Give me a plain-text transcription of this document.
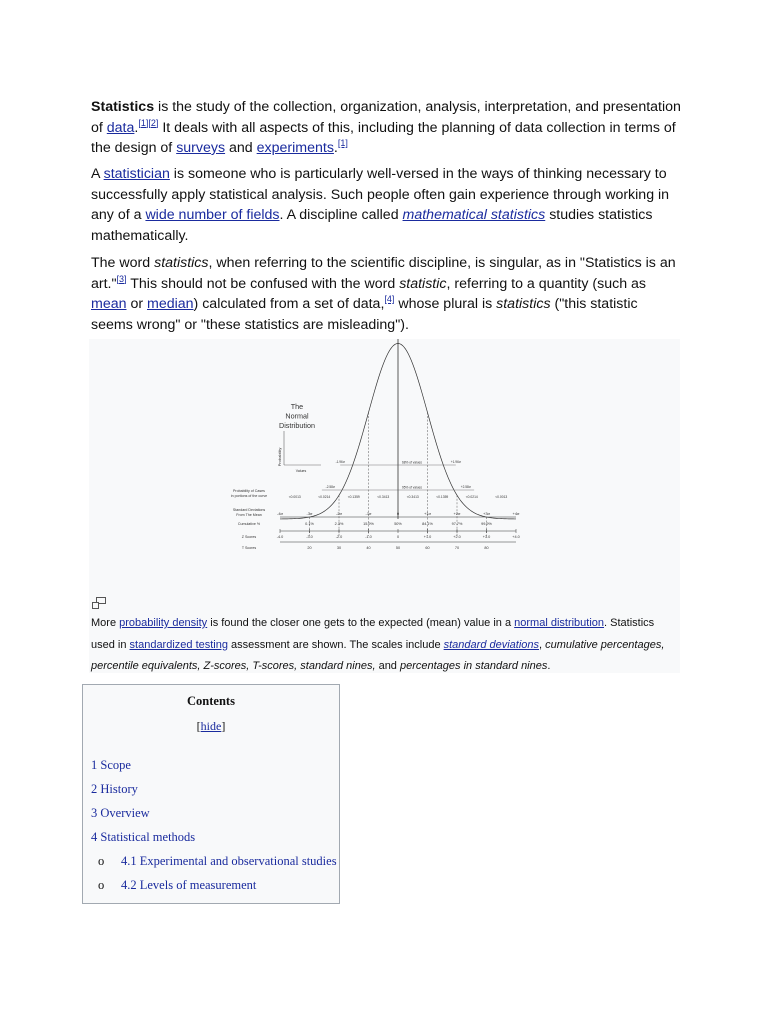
Statistics is the study of the collection, organization, analysis, interpretation, and presentation of data.[1][2] It deals with all aspects of this, including the planning of data collection in terms of the design of surveys and experiments.[1]

A statistician is someone who is particularly well-versed in the ways of thinking necessary to successfully apply statistical analysis. Such people often gain experience through working in any of a wide number of fields. A discipline called mathematical statistics studies statistics mathematically.

The word statistics, when referring to the scientific discipline, is singular, as in "Statistics is an art."[3] This should not be confused with the word statistic, referring to a quantity (such as mean or median) calculated from a set of data,[4] whose plural is statistics ("this statistic seems wrong" or "these statistics are misleading").

The
Normal
Distribution
Probability
Values
68% of values
95% of values
-1.96σ	+1.96σ
-2.58σ	+2.58σ
Probability of Cases
in portions of the curve	<0.0013	<0.0214	<0.1359	<0.3413	<0.3413	<0.1359	<0.0214	<0.0013
Standard Deviations
From The Mean	-4σ	-3σ	-2σ	-1σ	0	+1σ	+2σ	+3σ	+4σ
Cumulative %	0.1%	2.3%	15.9%	50%	84.1%	97.7%	99.9%
Z Scores	-4.0	-3.0	-2.0	-1.0	0	+1.0	+2.0	+3.0	+4.0
T Scores	20	30	40	50	60	70	80

More probability density is found the closer one gets to the expected (mean) value in a normal distribution. Statistics used in standardized testing assessment are shown. The scales include standard deviations, cumulative percentages, percentile equivalents, Z-scores, T-scores, standard nines, and percentages in standard nines.

Contents
[hide]
1 Scope
2 History
3 Overview
4 Statistical methods
o 4.1 Experimental and observational studies
o 4.2 Levels of measurement
